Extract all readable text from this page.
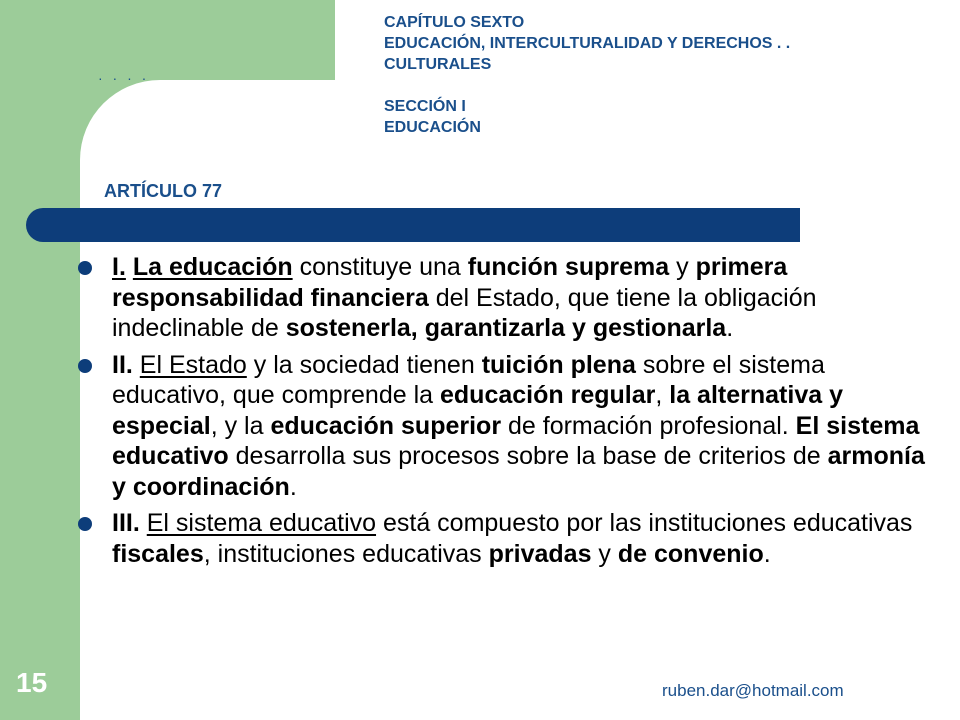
· · · ·
CAPÍTULO SEXTO
EDUCACIÓN, INTERCULTURALIDAD Y DERECHOS . .
CULTURALES
SECCIÓN I
EDUCACIÓN
ARTÍCULO 77
I. La educación constituye una función suprema y primera responsabilidad financiera del Estado, que tiene la obligación indeclinable de sostenerla, garantizarla y gestionarla.
II. El Estado y la sociedad tienen tuición plena sobre el sistema educativo, que comprende la educación regular, la alternativa y especial, y la educación superior de formación profesional. El sistema educativo desarrolla sus procesos sobre la base de criterios de armonía y coordinación.
III. El sistema educativo está compuesto por las instituciones educativas fiscales, instituciones educativas privadas y de convenio.
15	ruben.dar@hotmail.com
